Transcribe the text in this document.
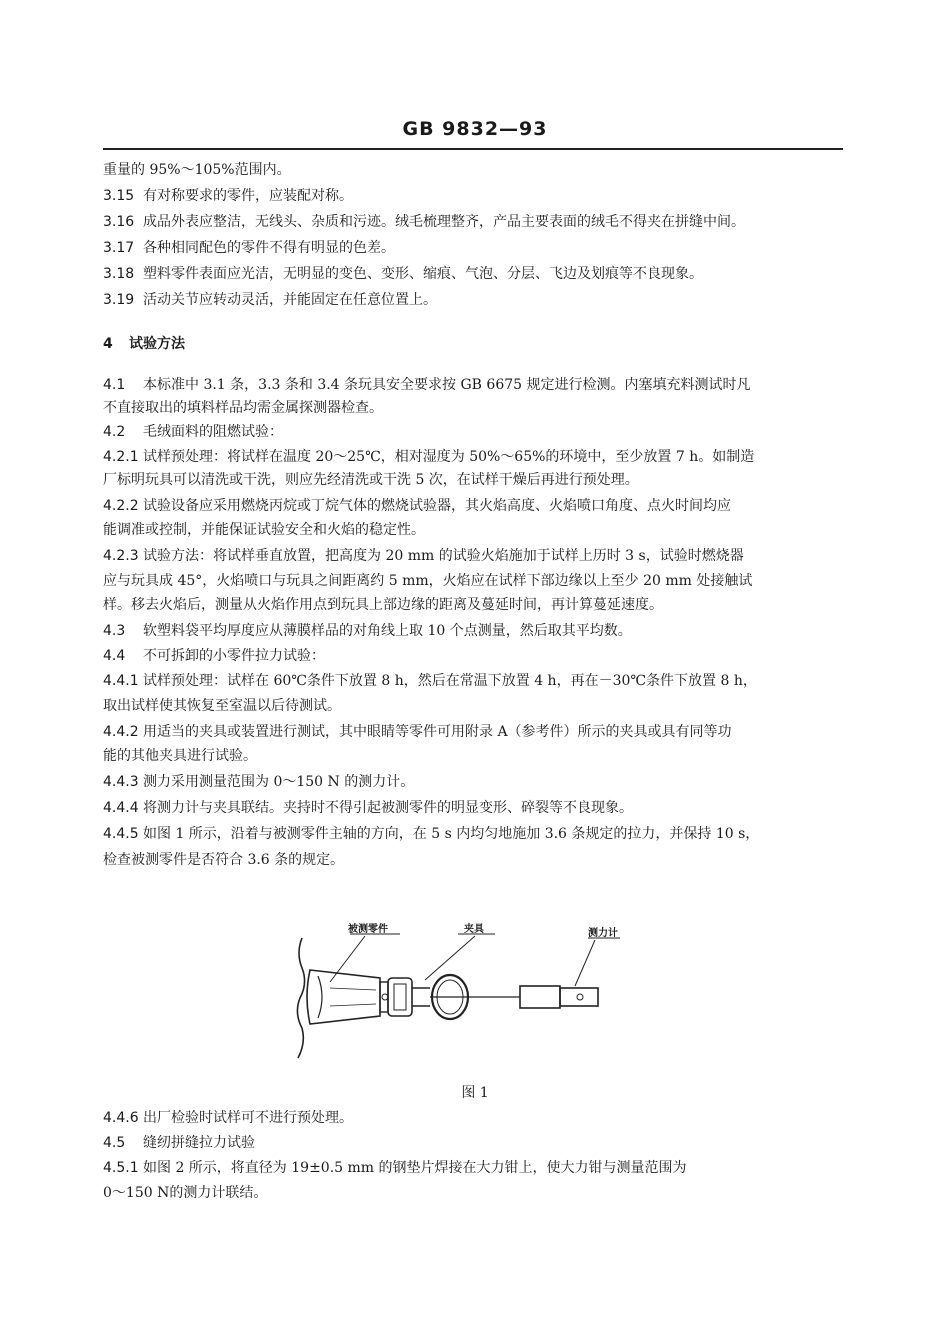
GB 9832—93
重量的 95%～105%范围内。
3.15 有对称要求的零件，应装配对称。
3.16 成品外表应整洁，无线头、杂质和污迹。绒毛梳理整齐，产品主要表面的绒毛不得夹在拼缝中间。
3.17 各种相同配色的零件不得有明显的色差。
3.18 塑料零件表面应光洁，无明显的变色、变形、缩痕、气泡、分层、飞边及划痕等不良现象。
3.19 活动关节应转动灵活，并能固定在任意位置上。
4 试验方法
4.1 本标准中 3.1 条，3.3 条和 3.4 条玩具安全要求按 GB 6675 规定进行检测。内塞填充料测试时凡
不直接取出的填料样品均需金属探测器检查。
4.2 毛绒面料的阻燃试验：
4.2.1 试样预处理：将试样在温度 20～25℃，相对湿度为 50%～65%的环境中，至少放置 7 h。如制造
厂标明玩具可以清洗或干洗，则应先经清洗或干洗 5 次，在试样干燥后再进行预处理。
4.2.2 试验设备应采用燃烧丙烷或丁烷气体的燃烧试验器，其火焰高度、火焰喷口角度、点火时间均应
能调准或控制，并能保证试验安全和火焰的稳定性。
4.2.3 试验方法：将试样垂直放置，把高度为 20 mm 的试验火焰施加于试样上历时 3 s，试验时燃烧器
应与玩具成 45°，火焰喷口与玩具之间距离约 5 mm，火焰应在试样下部边缘以上至少 20 mm 处接触试
样。移去火焰后，测量从火焰作用点到玩具上部边缘的距离及蔓延时间，再计算蔓延速度。
4.3 软塑料袋平均厚度应从薄膜样品的对角线上取 10 个点测量，然后取其平均数。
4.4 不可拆卸的小零件拉力试验：
4.4.1 试样预处理：试样在 60℃条件下放置 8 h，然后在常温下放置 4 h，再在－30℃条件下放置 8 h，
取出试样使其恢复至室温以后待测试。
4.4.2 用适当的夹具或装置进行测试，其中眼睛等零件可用附录 A（参考件）所示的夹具或具有同等功
能的其他夹具进行试验。
4.4.3 测力采用测量范围为 0～150 N 的测力计。
4.4.4 将测力计与夹具联结。夹持时不得引起被测零件的明显变形、碎裂等不良现象。
4.4.5 如图 1 所示，沿着与被测零件主轴的方向，在 5 s 内均匀地施加 3.6 条规定的拉力，并保持 10 s，
检查被测零件是否符合 3.6 条的规定。
被测零件	夹具	测力计
图 1
4.4.6 出厂检验时试样可不进行预处理。
4.5 缝纫拼缝拉力试验
4.5.1 如图 2 所示，将直径为 19±0.5 mm 的钢垫片焊接在大力钳上，使大力钳与测量范围为
0～150 N的测力计联结。
